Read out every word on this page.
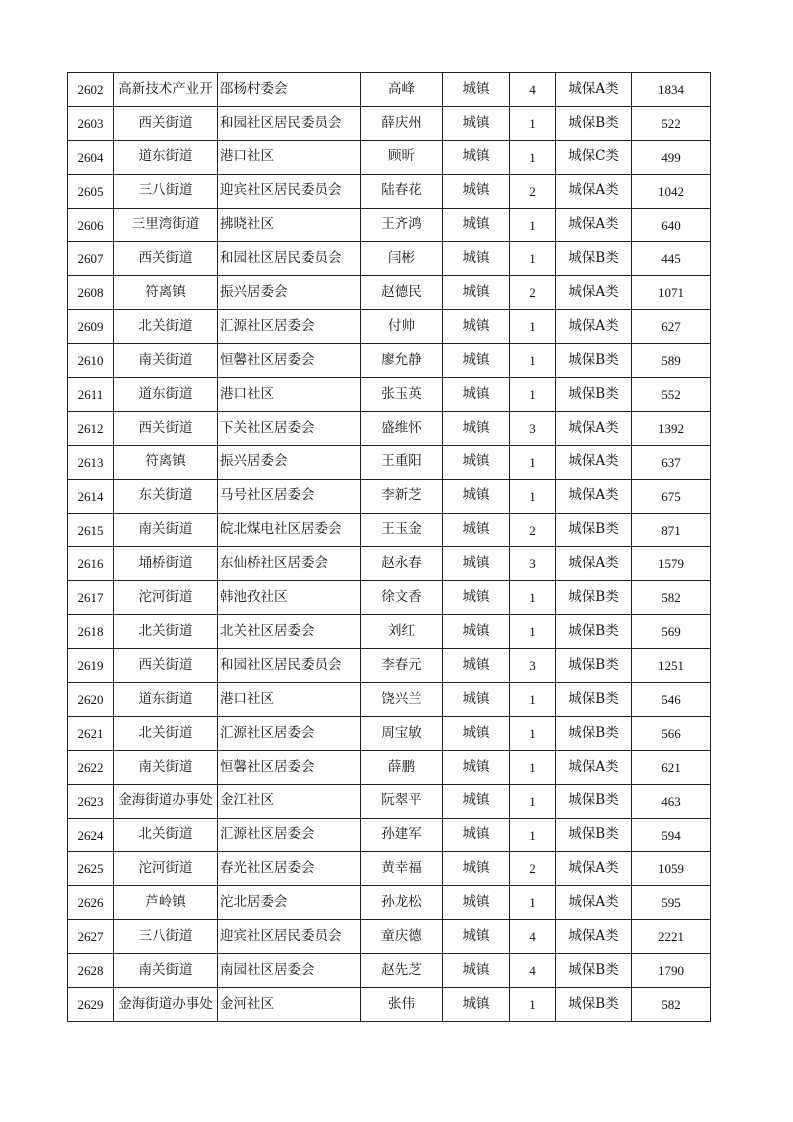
2602	高新技术产业开	邵杨村委会	高峰	城镇	4	城保A类	1834
2603	西关街道	和园社区居民委员会	薛庆州	城镇	1	城保B类	522
2604	道东街道	港口社区	顾昕	城镇	1	城保C类	499
2605	三八街道	迎宾社区居民委员会	陆春花	城镇	2	城保A类	1042
2606	三里湾街道	拂晓社区	王齐鸿	城镇	1	城保A类	640
2607	西关街道	和园社区居民委员会	闫彬	城镇	1	城保B类	445
2608	符离镇	振兴居委会	赵德民	城镇	2	城保A类	1071
2609	北关街道	汇源社区居委会	付帅	城镇	1	城保A类	627
2610	南关街道	恒馨社区居委会	廖允静	城镇	1	城保B类	589
2611	道东街道	港口社区	张玉英	城镇	1	城保B类	552
2612	西关街道	下关社区居委会	盛维怀	城镇	3	城保A类	1392
2613	符离镇	振兴居委会	王重阳	城镇	1	城保A类	637
2614	东关街道	马号社区居委会	李新芝	城镇	1	城保A类	675
2615	南关街道	皖北煤电社区居委会	王玉金	城镇	2	城保B类	871
2616	埇桥街道	东仙桥社区居委会	赵永春	城镇	3	城保A类	1579
2617	沱河街道	韩池孜社区	徐文香	城镇	1	城保B类	582
2618	北关街道	北关社区居委会	刘红	城镇	1	城保B类	569
2619	西关街道	和园社区居民委员会	李春元	城镇	3	城保B类	1251
2620	道东街道	港口社区	饶兴兰	城镇	1	城保B类	546
2621	北关街道	汇源社区居委会	周宝敏	城镇	1	城保B类	566
2622	南关街道	恒馨社区居委会	薛鹏	城镇	1	城保A类	621
2623	金海街道办事处	金江社区	阮翠平	城镇	1	城保B类	463
2624	北关街道	汇源社区居委会	孙建军	城镇	1	城保B类	594
2625	沱河街道	春光社区居委会	黄幸福	城镇	2	城保A类	1059
2626	芦岭镇	沱北居委会	孙龙松	城镇	1	城保A类	595
2627	三八街道	迎宾社区居民委员会	童庆德	城镇	4	城保A类	2221
2628	南关街道	南园社区居委会	赵先芝	城镇	4	城保B类	1790
2629	金海街道办事处	金河社区	张伟	城镇	1	城保B类	582
